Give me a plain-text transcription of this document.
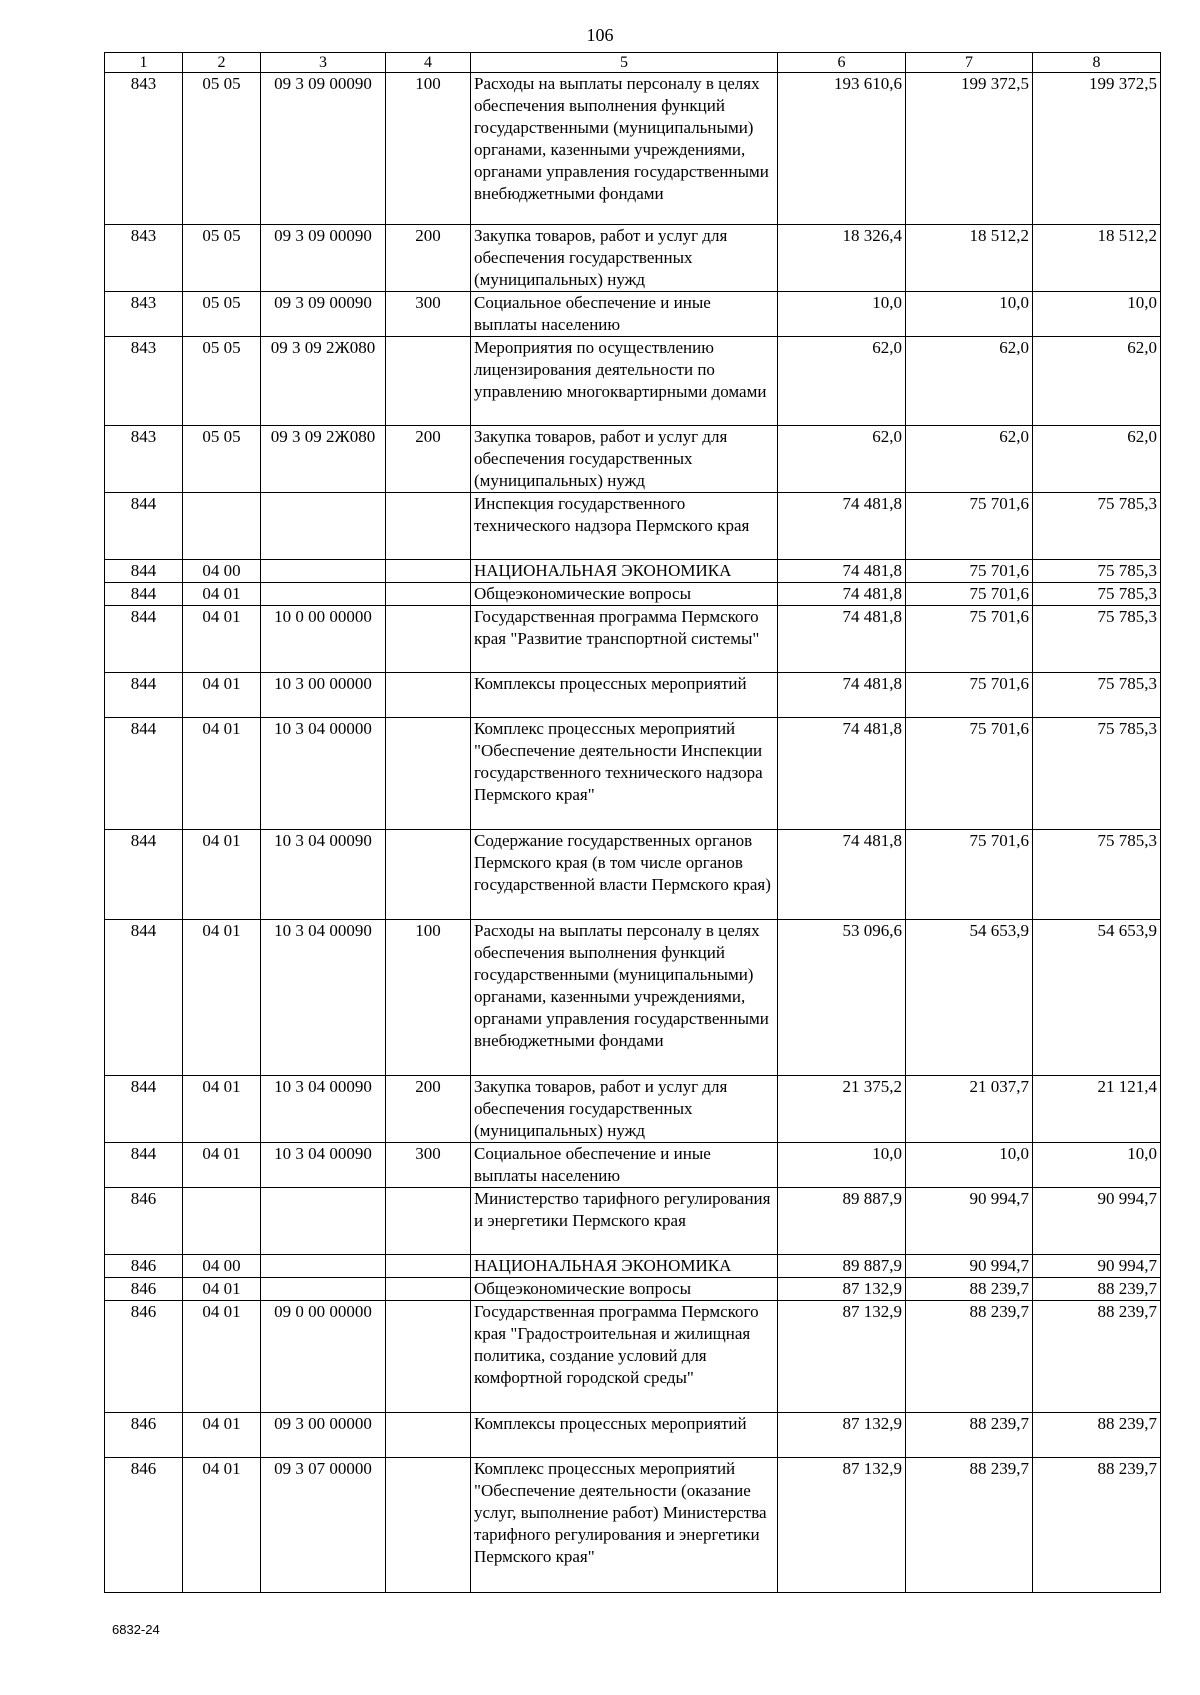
106
1	2	3	4	5	6	7	8
843	05 05	09 3 09 00090	100	Расходы на выплаты персоналу в целях обеспечения выполнения функций государственными (муниципальными) органами, казенными учреждениями, органами управления государственными внебюджетными фондами	193 610,6	199 372,5	199 372,5
843	05 05	09 3 09 00090	200	Закупка товаров, работ и услуг для обеспечения государственных (муниципальных) нужд	18 326,4	18 512,2	18 512,2
843	05 05	09 3 09 00090	300	Социальное обеспечение и иные выплаты населению	10,0	10,0	10,0
843	05 05	09 3 09 2Ж080		Мероприятия по осуществлению лицензирования деятельности по управлению многоквартирными домами	62,0	62,0	62,0
843	05 05	09 3 09 2Ж080	200	Закупка товаров, работ и услуг для обеспечения государственных (муниципальных) нужд	62,0	62,0	62,0
844				Инспекция государственного технического надзора Пермского края	74 481,8	75 701,6	75 785,3
844	04 00			НАЦИОНАЛЬНАЯ ЭКОНОМИКА	74 481,8	75 701,6	75 785,3
844	04 01			Общеэкономические вопросы	74 481,8	75 701,6	75 785,3
844	04 01	10 0 00 00000		Государственная программа Пермского края "Развитие транспортной системы"	74 481,8	75 701,6	75 785,3
844	04 01	10 3 00 00000		Комплексы процессных мероприятий	74 481,8	75 701,6	75 785,3
844	04 01	10 3 04 00000		Комплекс процессных мероприятий "Обеспечение деятельности Инспекции государственного технического надзора Пермского края"	74 481,8	75 701,6	75 785,3
844	04 01	10 3 04 00090		Содержание государственных органов Пермского края (в том числе органов государственной власти Пермского края)	74 481,8	75 701,6	75 785,3
844	04 01	10 3 04 00090	100	Расходы на выплаты персоналу в целях обеспечения выполнения функций государственными (муниципальными) органами, казенными учреждениями, органами управления государственными внебюджетными фондами	53 096,6	54 653,9	54 653,9
844	04 01	10 3 04 00090	200	Закупка товаров, работ и услуг для обеспечения государственных (муниципальных) нужд	21 375,2	21 037,7	21 121,4
844	04 01	10 3 04 00090	300	Социальное обеспечение и иные выплаты населению	10,0	10,0	10,0
846				Министерство тарифного регулирования и энергетики Пермского края	89 887,9	90 994,7	90 994,7
846	04 00			НАЦИОНАЛЬНАЯ ЭКОНОМИКА	89 887,9	90 994,7	90 994,7
846	04 01			Общеэкономические вопросы	87 132,9	88 239,7	88 239,7
846	04 01	09 0 00 00000		Государственная программа Пермского края "Градостроительная и жилищная политика, создание условий для комфортной городской среды"	87 132,9	88 239,7	88 239,7
846	04 01	09 3 00 00000		Комплексы процессных мероприятий	87 132,9	88 239,7	88 239,7
846	04 01	09 3 07 00000		Комплекс процессных мероприятий "Обеспечение деятельности (оказание услуг, выполнение работ) Министерства тарифного регулирования и энергетики Пермского края"	87 132,9	88 239,7	88 239,7
6832-24
